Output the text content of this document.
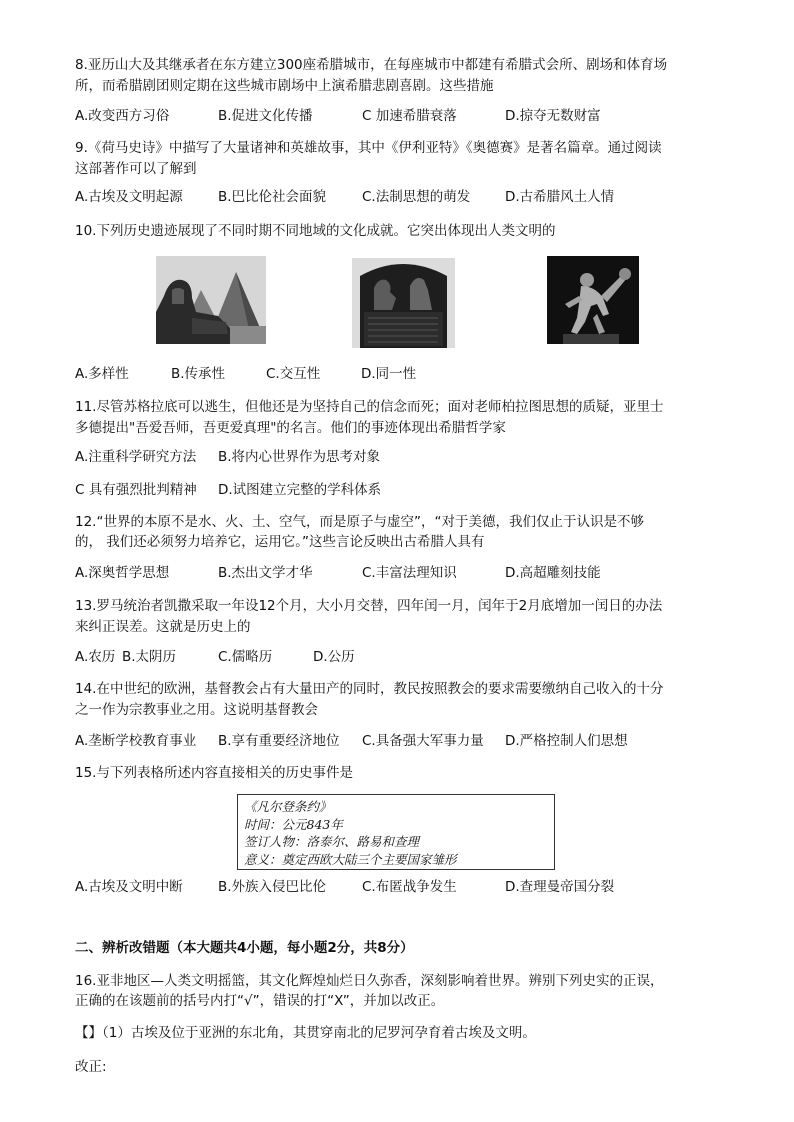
8.亚历山大及其继承者在东方建立300座希腊城市，在每座城市中都建有希腊式会所、剧场和体育场
所，而希腊剧团则定期在这些城市剧场中上演希腊悲剧喜剧。这些措施
A.改变西方习俗	B.促进文化传播	C 加速希腊衰落	D.掠夺无数财富
9.《荷马史诗》中描写了大量诸神和英雄故事，其中《伊利亚特》《奥德赛》是著名篇章。通过阅读
这部著作可以了解到
A.古埃及文明起源	B.巴比伦社会面貌	C.法制思想的萌发	D.古希腊风土人情
10.下列历史遗迹展现了不同时期不同地域的文化成就。它突出体现出人类文明的
A.多样性	B.传承性	C.交互性	D.同一性
11.尽管苏格拉底可以逃生，但他还是为坚持自己的信念而死；面对老师柏拉图思想的质疑，亚里士
多德提出"吾爱吾师，吾更爱真理"的名言。他们的事迹体现出希腊哲学家
A.注重科学研究方法 B.将内心世界作为思考对象
C 具有强烈批判精神 D.试图建立完整的学科体系
12.“世界的本原不是水、火、土、空气，而是原子与虚空”，“对于美德，我们仅止于认识是不够
的， 我们还必须努力培养它，运用它。”这些言论反映出古希腊人具有
A.深奥哲学思想	B.杰出文学才华	C.丰富法理知识	D.高超雕刻技能
13.罗马统治者凯撒采取一年设12个月，大小月交替，四年闰一月，闰年于2月底增加一闰日的办法
来纠正误差。这就是历史上的
A.农历 B.太阴历	C.儒略历	D.公历
14.在中世纪的欧洲，基督教会占有大量田产的同时，教民按照教会的要求需要缴纳自己收入的十分
之一作为宗教事业之用。这说明基督教会
A.垄断学校教育事业 B.享有重要经济地位 C.具备强大军事力量 D.严格控制人们思想
15.与下列表格所述内容直接相关的历史事件是
《凡尔登条约》
时间：公元843年
签订人物：洛泰尔、路易和查理
意义：奠定西欧大陆三个主要国家雏形
A.古埃及文明中断	B.外族入侵巴比伦	C.布匿战争发生	D.查理曼帝国分裂
二、辨析改错题（本大题共4小题，每小题2分，共8分）
16.亚非地区—人类文明摇篮，其文化辉煌灿烂日久弥香，深刻影响着世界。辨别下列史实的正误，
正确的在该题前的括号内打“√”，错误的打“X”，并加以改正。
【】（1）古埃及位于亚洲的东北角，其贯穿南北的尼罗河孕育着古埃及文明。
改正:
